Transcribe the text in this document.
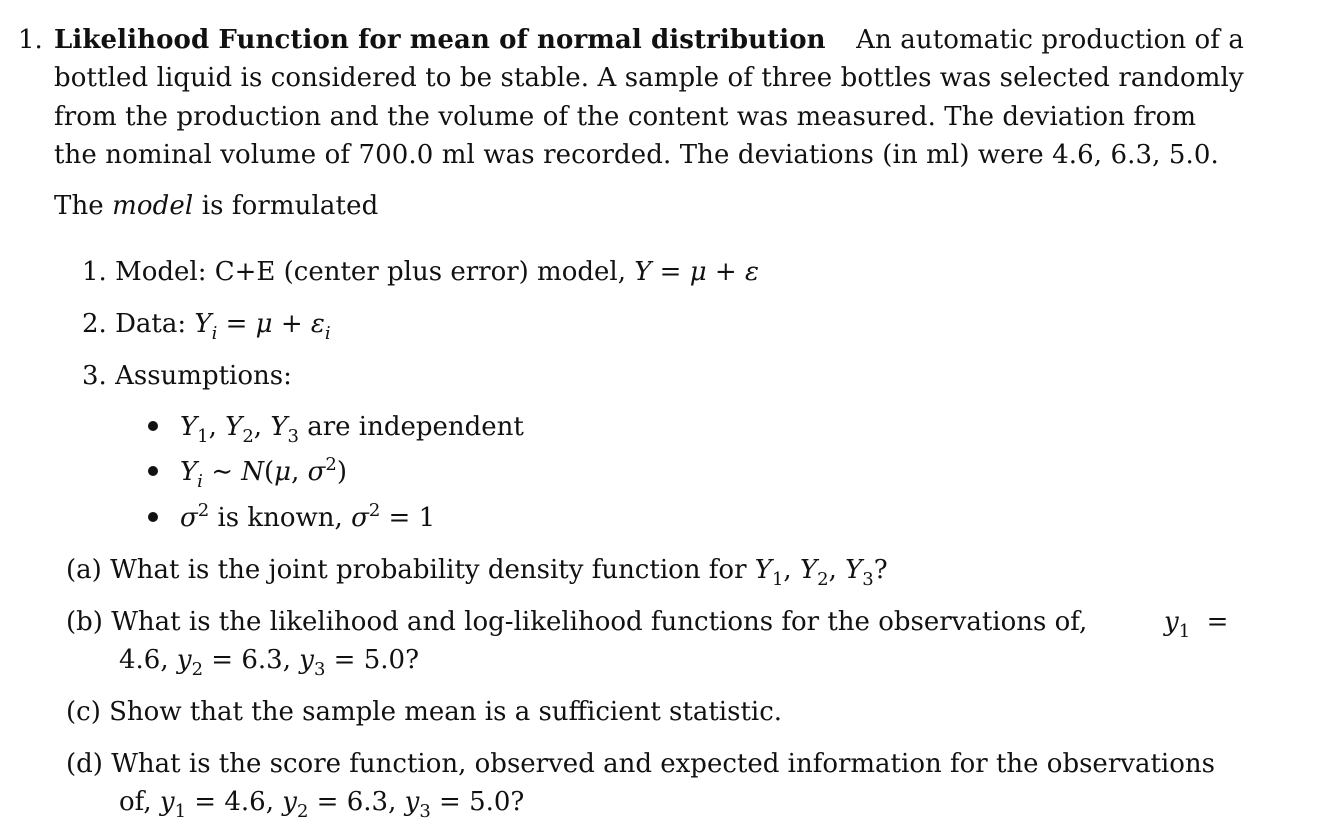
1. Likelihood Function for mean of normal distribution An automatic production of a
bottled liquid is considered to be stable. A sample of three bottles was selected randomly
from the production and the volume of the content was measured. The deviation from
the nominal volume of 700.0 ml was recorded. The deviations (in ml) were 4.6, 6.3, 5.0.
The model is formulated
1. Model: C+E (center plus error) model, Y = μ + ε
2. Data: $Y_i = \mu + \varepsilon_i$
3. Assumptions:
$Y_1$, $Y_2$, $Y_3$ are independent
$Y_i$ ∼ N(μ, $\sigma^2$)
$\sigma^2$ is known, $\sigma^2 = 1$
(a) What is the joint probability density function for $Y_1$, $Y_2$, $Y_3$?
(b) What is the likelihood and log-likelihood functions for the observations of,	$y_1$  =
4.6, $y_2 = 6.3$, $y_3 = 5.0$?
(c) Show that the sample mean is a sufficient statistic.
(d) What is the score function, observed and expected information for the observations
of, $y_1 = 4.6$, $y_2 = 6.3$, $y_3 = 5.0$?
